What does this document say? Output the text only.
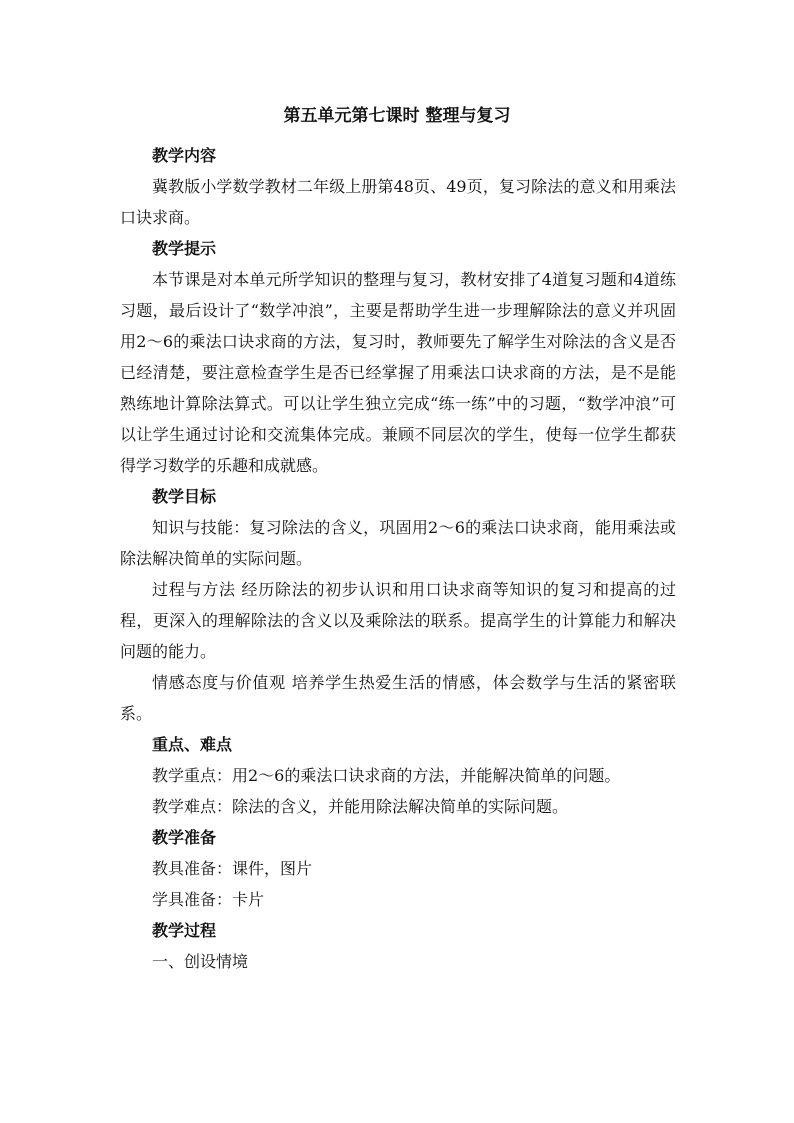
第五单元第七课时 整理与复习

教学内容

冀教版小学数学教材二年级上册第48页、49页，复习除法的意义和用乘法口诀求商。

教学提示

本节课是对本单元所学知识的整理与复习，教材安排了4道复习题和4道练习题，最后设计了“数学冲浪”，主要是帮助学生进一步理解除法的意义并巩固用2～6的乘法口诀求商的方法，复习时，教师要先了解学生对除法的含义是否已经清楚，要注意检查学生是否已经掌握了用乘法口诀求商的方法，是不是能熟练地计算除法算式。可以让学生独立完成“练一练”中的习题，“数学冲浪”可以让学生通过讨论和交流集体完成。兼顾不同层次的学生，使每一位学生都获得学习数学的乐趣和成就感。

教学目标

知识与技能：复习除法的含义，巩固用2～6的乘法口诀求商，能用乘法或除法解决简单的实际问题。

过程与方法 经历除法的初步认识和用口诀求商等知识的复习和提高的过程，更深入的理解除法的含义以及乘除法的联系。提高学生的计算能力和解决问题的能力。

情感态度与价值观 培养学生热爱生活的情感，体会数学与生活的紧密联系。

重点、难点

教学重点：用2～6的乘法口诀求商的方法，并能解决简单的问题。

教学难点：除法的含义，并能用除法解决简单的实际问题。

教学准备

教具准备：课件，图片

学具准备：卡片

教学过程

一、创设情境
